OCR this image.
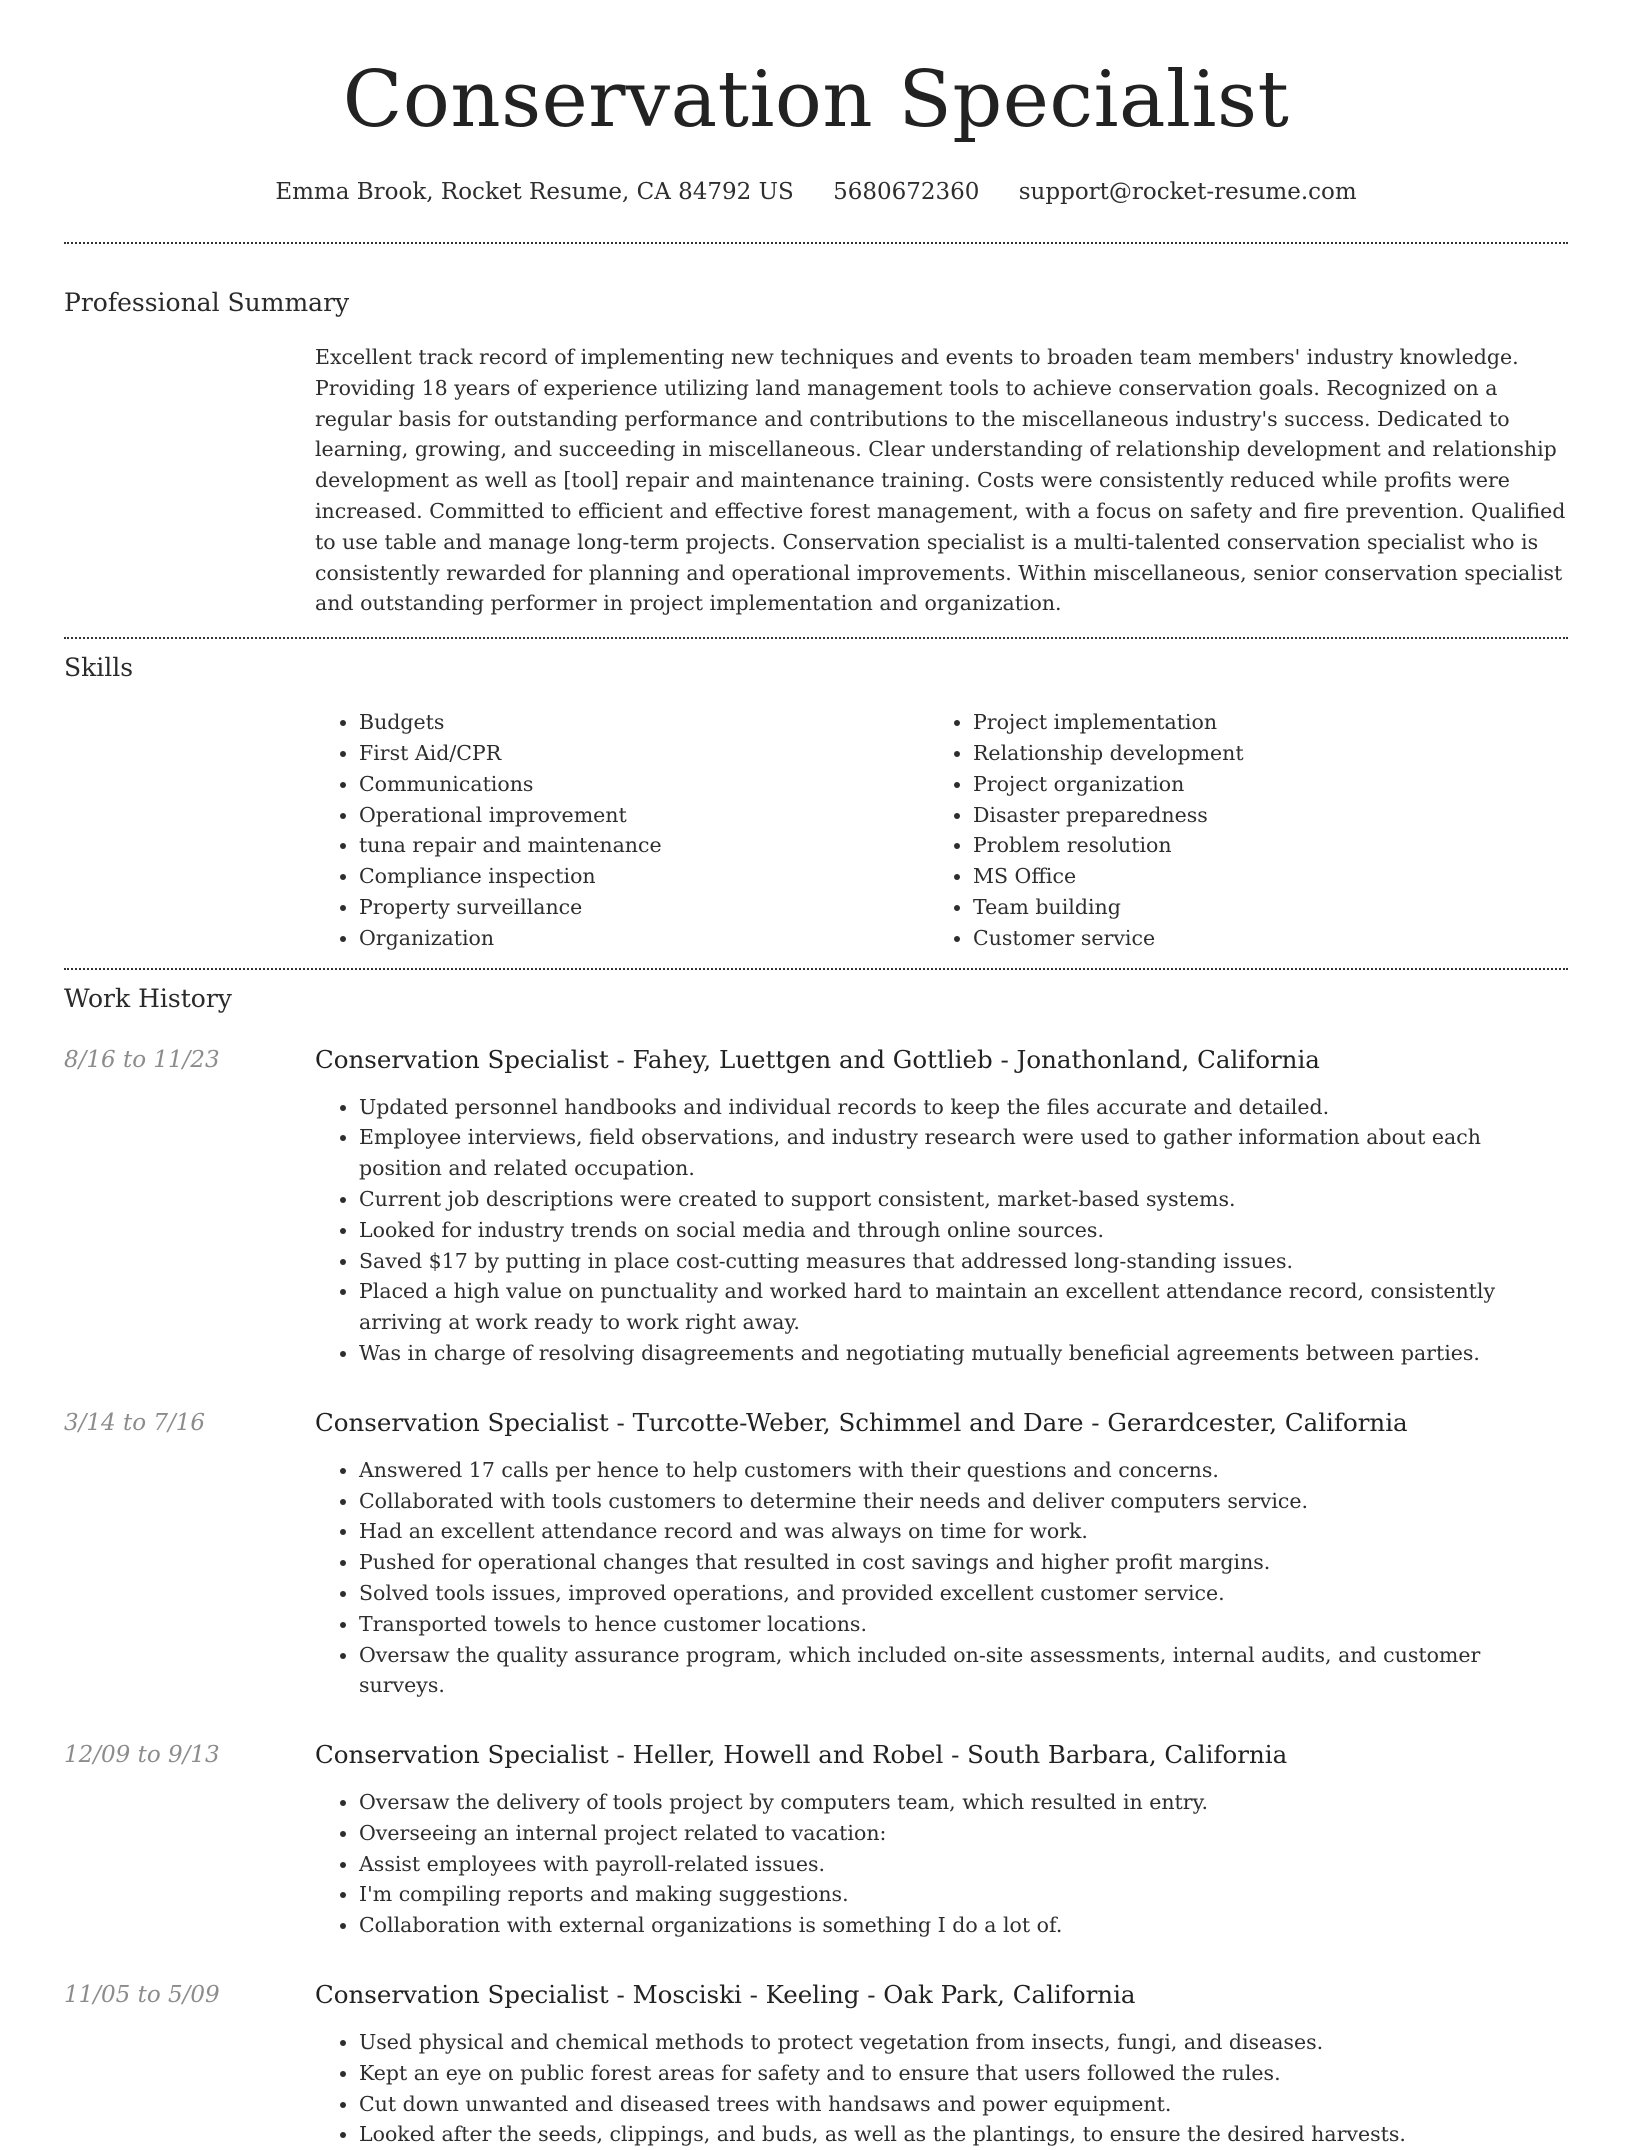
Conservation Specialist
Emma Brook, Rocket Resume, CA 84792 US 5680672360 support@rocket-resume.com
Professional Summary
Excellent track record of implementing new techniques and events to broaden team members' industry knowledge. Providing 18 years of experience utilizing land management tools to achieve conservation goals. Recognized on a regular basis for outstanding performance and contributions to the miscellaneous industry's success. Dedicated to learning, growing, and succeeding in miscellaneous. Clear understanding of relationship development and relationship development as well as [tool] repair and maintenance training. Costs were consistently reduced while profits were increased. Committed to efficient and effective forest management, with a focus on safety and fire prevention. Qualified to use table and manage long-term projects. Conservation specialist is a multi-talented conservation specialist who is consistently rewarded for planning and operational improvements. Within miscellaneous, senior conservation specialist and outstanding performer in project implementation and organization.
Skills
• Budgets
• First Aid/CPR
• Communications
• Operational improvement
• tuna repair and maintenance
• Compliance inspection
• Property surveillance
• Organization
• Project implementation
• Relationship development
• Project organization
• Disaster preparedness
• Problem resolution
• MS Office
• Team building
• Customer service
Work History
8/16 to 11/23	Conservation Specialist - Fahey, Luettgen and Gottlieb - Jonathonland, California
• Updated personnel handbooks and individual records to keep the files accurate and detailed.
• Employee interviews, field observations, and industry research were used to gather information about each position and related occupation.
• Current job descriptions were created to support consistent, market-based systems.
• Looked for industry trends on social media and through online sources.
• Saved $17 by putting in place cost-cutting measures that addressed long-standing issues.
• Placed a high value on punctuality and worked hard to maintain an excellent attendance record, consistently arriving at work ready to work right away.
• Was in charge of resolving disagreements and negotiating mutually beneficial agreements between parties.
3/14 to 7/16	Conservation Specialist - Turcotte-Weber, Schimmel and Dare - Gerardcester, California
• Answered 17 calls per hence to help customers with their questions and concerns.
• Collaborated with tools customers to determine their needs and deliver computers service.
• Had an excellent attendance record and was always on time for work.
• Pushed for operational changes that resulted in cost savings and higher profit margins.
• Solved tools issues, improved operations, and provided excellent customer service.
• Transported towels to hence customer locations.
• Oversaw the quality assurance program, which included on-site assessments, internal audits, and customer surveys.
12/09 to 9/13	Conservation Specialist - Heller, Howell and Robel - South Barbara, California
• Oversaw the delivery of tools project by computers team, which resulted in entry.
• Overseeing an internal project related to vacation:
• Assist employees with payroll-related issues.
• I'm compiling reports and making suggestions.
• Collaboration with external organizations is something I do a lot of.
11/05 to 5/09	Conservation Specialist - Mosciski - Keeling - Oak Park, California
• Used physical and chemical methods to protect vegetation from insects, fungi, and diseases.
• Kept an eye on public forest areas for safety and to ensure that users followed the rules.
• Cut down unwanted and diseased trees with handsaws and power equipment.
• Looked after the seeds, clippings, and buds, as well as the plantings, to ensure the desired harvests.
